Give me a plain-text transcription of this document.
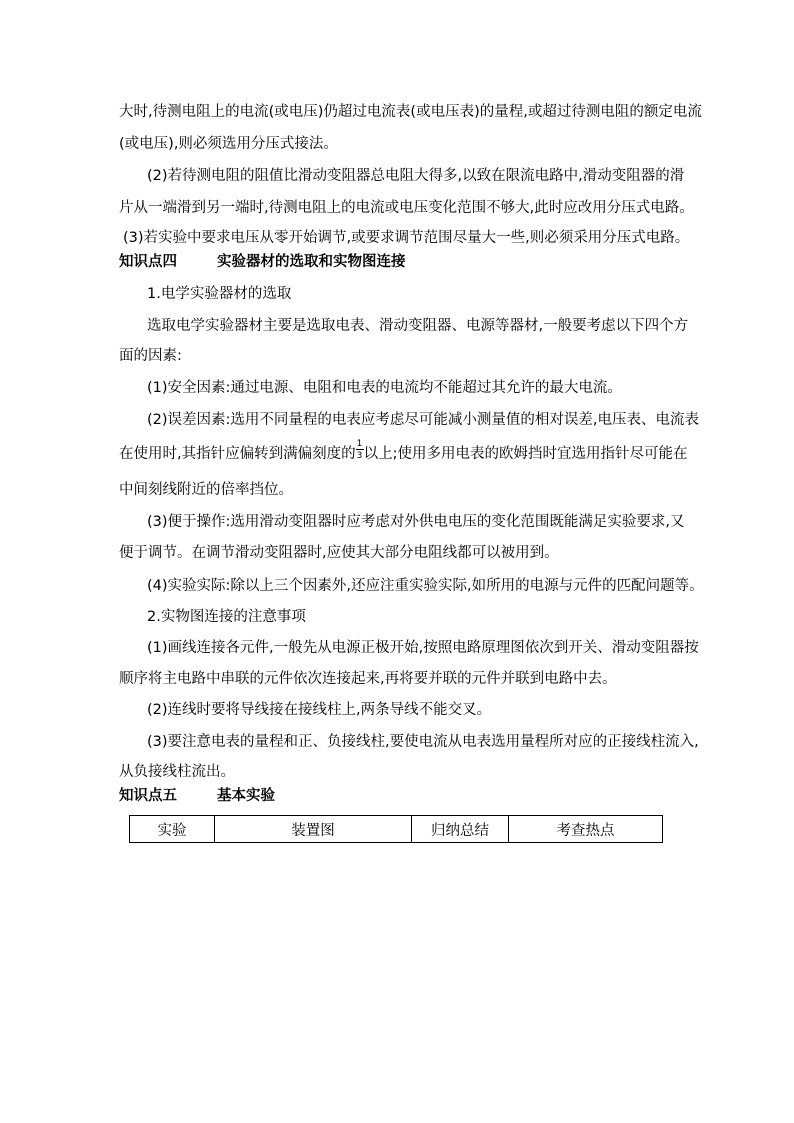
大时,待测电阻上的电流(或电压)仍超过电流表(或电压表)的量程,或超过待测电阻的额定电流
(或电压),则必须选用分压式接法。
(2)若待测电阻的阻值比滑动变阻器总电阻大得多,以致在限流电路中,滑动变阻器的滑
片从一端滑到另一端时,待测电阻上的电流或电压变化范围不够大,此时应改用分压式电路。
(3)若实验中要求电压从零开始调节,或要求调节范围尽量大一些,则必须采用分压式电路。
知识点四	实验器材的选取和实物图连接
1.电学实验器材的选取
选取电学实验器材主要是选取电表、滑动变阻器、电源等器材,一般要考虑以下四个方
面的因素:
(1)安全因素:通过电源、电阻和电表的电流均不能超过其允许的最大电流。
(2)误差因素:选用不同量程的电表应考虑尽可能减小测量值的相对误差,电压表、电流表
在使用时,其指针应偏转到满偏刻度的 $\frac{1}{3}$ 以上;使用多用电表的欧姆挡时宜选用指针尽可能在
中间刻线附近的倍率挡位。
(3)便于操作:选用滑动变阻器时应考虑对外供电电压的变化范围既能满足实验要求,又
便于调节。在调节滑动变阻器时,应使其大部分电阻线都可以被用到。
(4)实验实际:除以上三个因素外,还应注重实验实际,如所用的电源与元件的匹配问题等。
2.实物图连接的注意事项
(1)画线连接各元件,一般先从电源正极开始,按照电路原理图依次到开关、滑动变阻器按
顺序将主电路中串联的元件依次连接起来,再将要并联的元件并联到电路中去。
(2)连线时要将导线接在接线柱上,两条导线不能交叉。
(3)要注意电表的量程和正、负接线柱,要使电流从电表选用量程所对应的正接线柱流入,
从负接线柱流出。
知识点五	基本实验
实验	装置图	归纳总结	考查热点
